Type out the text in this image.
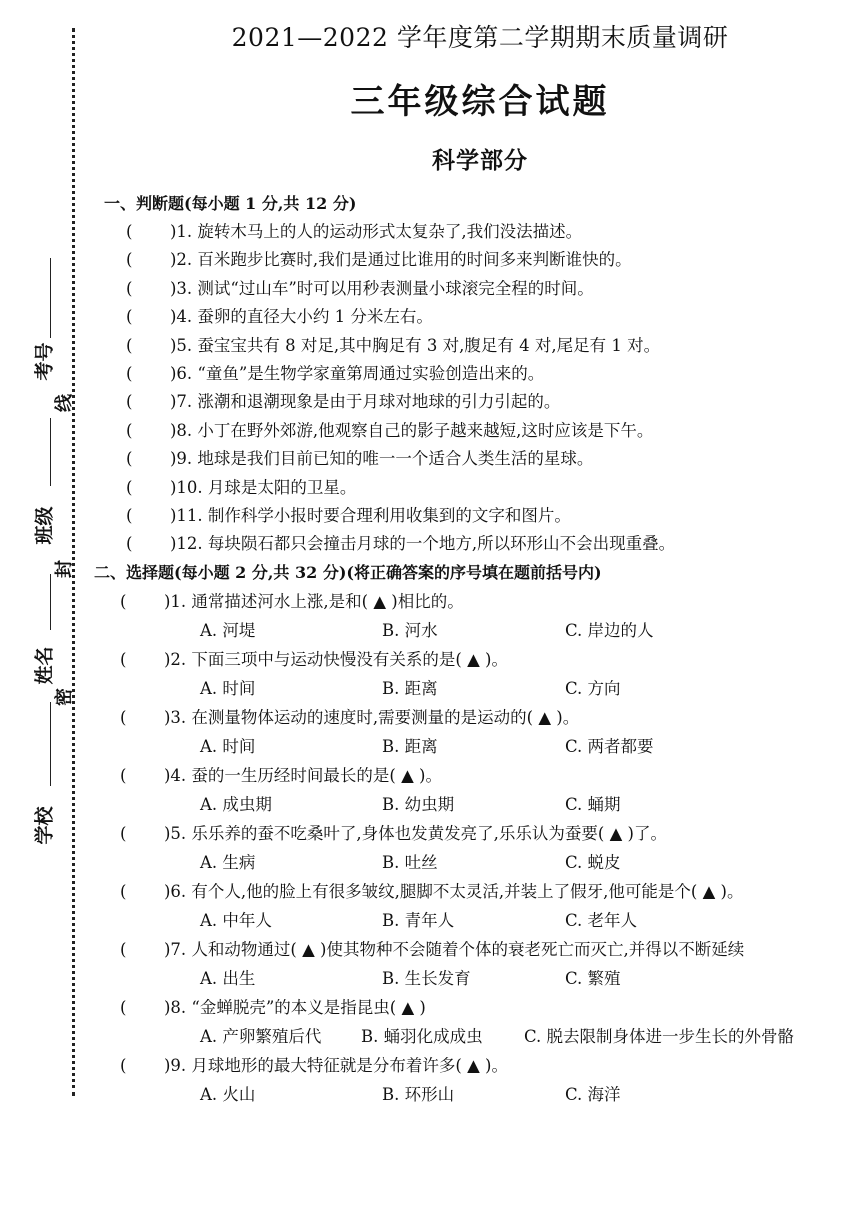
考号
线
班级
封
姓名
密
学校
2021—2022 学年度第二学期期末质量调研
三年级综合试题
科学部分
一、判断题(每小题 1 分,共 12 分)
( )1. 旋转木马上的人的运动形式太复杂了,我们没法描述。
( )2. 百米跑步比赛时,我们是通过比谁用的时间多来判断谁快的。
( )3. 测试“过山车”时可以用秒表测量小球滚完全程的时间。
( )4. 蚕卵的直径大小约 1 分米左右。
( )5. 蚕宝宝共有 8 对足,其中胸足有 3 对,腹足有 4 对,尾足有 1 对。
( )6. “童鱼”是生物学家童第周通过实验创造出来的。
( )7. 涨潮和退潮现象是由于月球对地球的引力引起的。
( )8. 小丁在野外郊游,他观察自己的影子越来越短,这时应该是下午。
( )9. 地球是我们目前已知的唯一一个适合人类生活的星球。
( )10. 月球是太阳的卫星。
( )11. 制作科学小报时要合理利用收集到的文字和图片。
( )12. 每块陨石都只会撞击月球的一个地方,所以环形山不会出现重叠。
二、选择题(每小题 2 分,共 32 分)(将正确答案的序号填在题前括号内)
( )1. 通常描述河水上涨,是和( ▲ )相比的。
A. 河堤	B. 河水	C. 岸边的人
( )2. 下面三项中与运动快慢没有关系的是( ▲ )。
A. 时间	B. 距离	C. 方向
( )3. 在测量物体运动的速度时,需要测量的是运动的( ▲ )。
A. 时间	B. 距离	C. 两者都要
( )4. 蚕的一生历经时间最长的是( ▲ )。
A. 成虫期	B. 幼虫期	C. 蛹期
( )5. 乐乐养的蚕不吃桑叶了,身体也发黄发亮了,乐乐认为蚕要( ▲ )了。
A. 生病	B. 吐丝	C. 蜕皮
( )6. 有个人,他的脸上有很多皱纹,腿脚不太灵活,并装上了假牙,他可能是个( ▲ )。
A. 中年人	B. 青年人	C. 老年人
( )7. 人和动物通过( ▲ )使其物种不会随着个体的衰老死亡而灭亡,并得以不断延续
A. 出生	B. 生长发育	C. 繁殖
( )8. “金蝉脱壳”的本义是指昆虫( ▲ )
A. 产卵繁殖后代 B. 蛹羽化成成虫	C. 脱去限制身体进一步生长的外骨骼
( )9. 月球地形的最大特征就是分布着许多( ▲ )。
A. 火山	B. 环形山	C. 海洋
